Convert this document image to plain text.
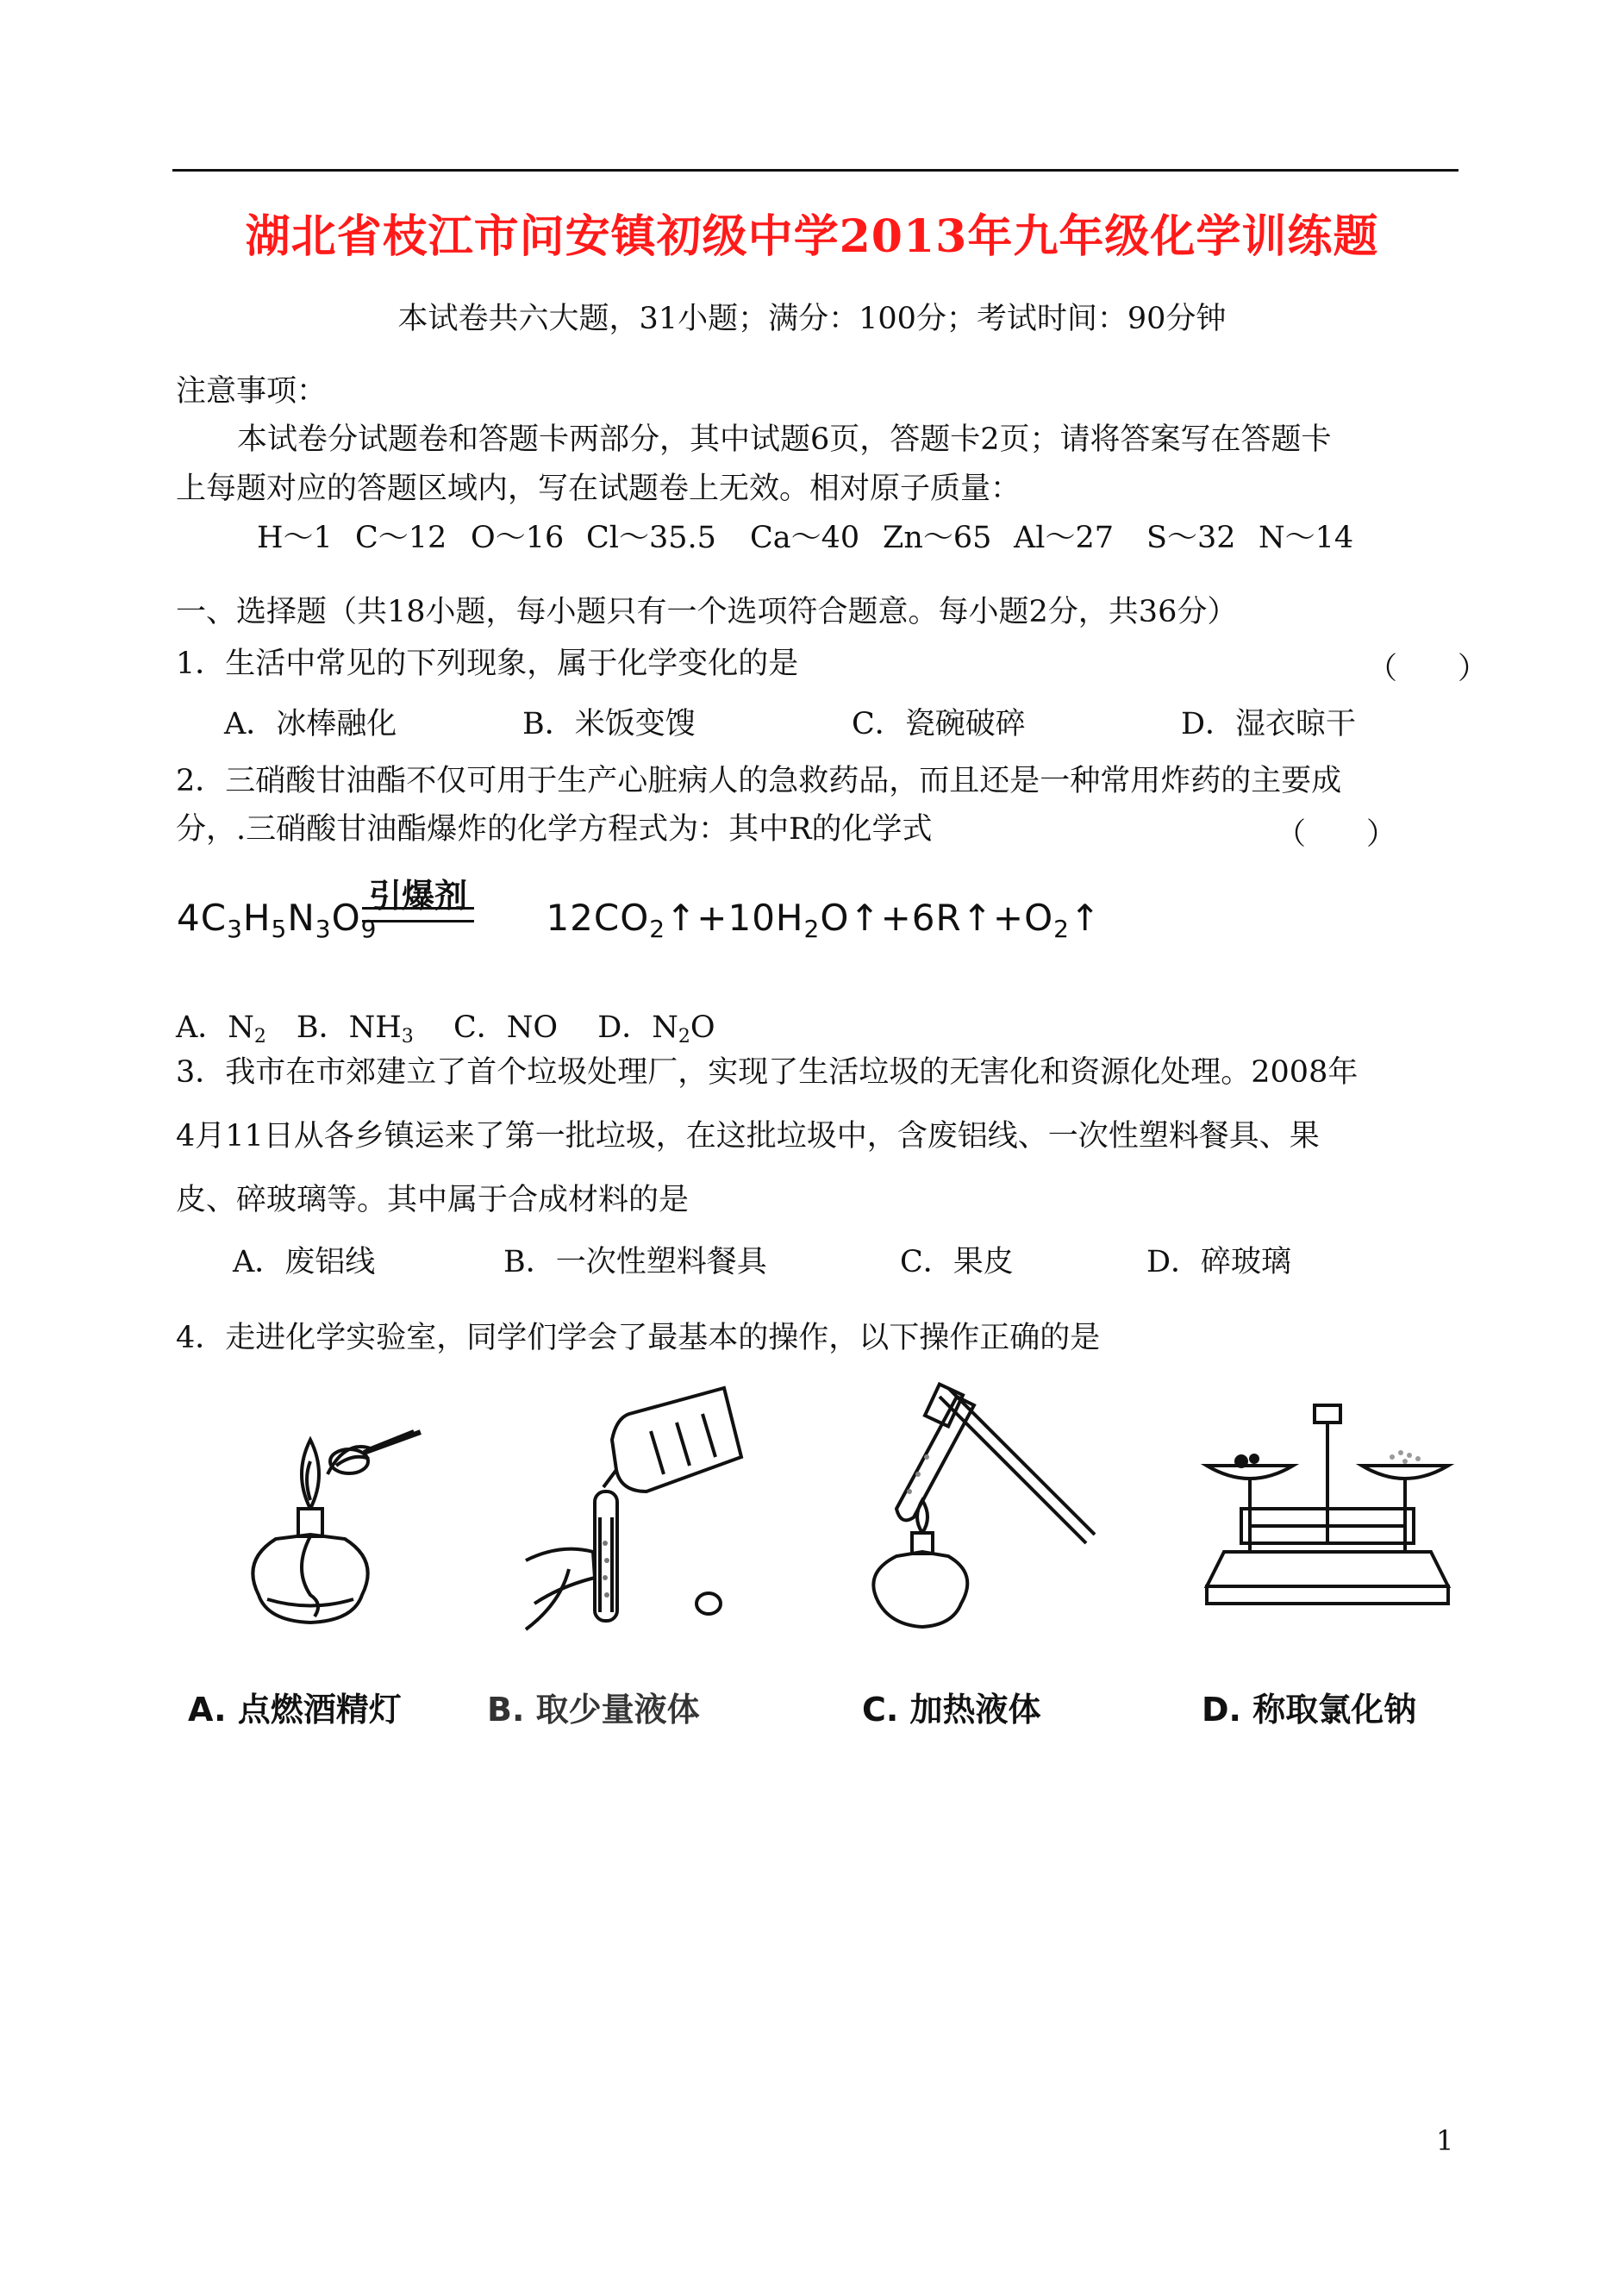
湖北省枝江市问安镇初级中学2013年九年级化学训练题
本试卷共六大题，31小题；满分：100分；考试时间：90分钟
注意事项：
本试卷分试题卷和答题卡两部分，其中试题6页，答题卡2页；请将答案写在答题卡
上每题对应的答题区域内，写在试题卷上无效。相对原子质量：
H～1 C～12 O～16 Cl～35.5 Ca～40 Zn～65 Al～27 S～32 N～14
一、选择题（共18小题，每小题只有一个选项符合题意。每小题2分，共36分）
1．生活中常见的下列现象，属于化学变化的是	（　　）
A．冰棒融化	B．米饭变馊	C．瓷碗破碎	D．湿衣晾干
2．三硝酸甘油酯不仅可用于生产心脏病人的急救药品，而且还是一种常用炸药的主要成
分，.三硝酸甘油酯爆炸的化学方程式为：其中R的化学式	（　　）
引爆剂
$4C_3H_5N_3O_9$	$12CO_2↑+10H_2O↑+6R↑+O_2↑$
A．$N_2$　 B．$NH_3$　 C．NO　 D．$N_2O$
3．我市在市郊建立了首个垃圾处理厂，实现了生活垃圾的无害化和资源化处理。2008年
4月11日从各乡镇运来了第一批垃圾，在这批垃圾中，含废铝线、一次性塑料餐具、果
皮、碎玻璃等。其中属于合成材料的是
A．废铝线	B．一次性塑料餐具	C．果皮	D．碎玻璃
4．走进化学实验室，同学们学会了最基本的操作，以下操作正确的是
A. 点燃酒精灯	B. 取少量液体	C. 加热液体	D. 称取氯化钠
1
